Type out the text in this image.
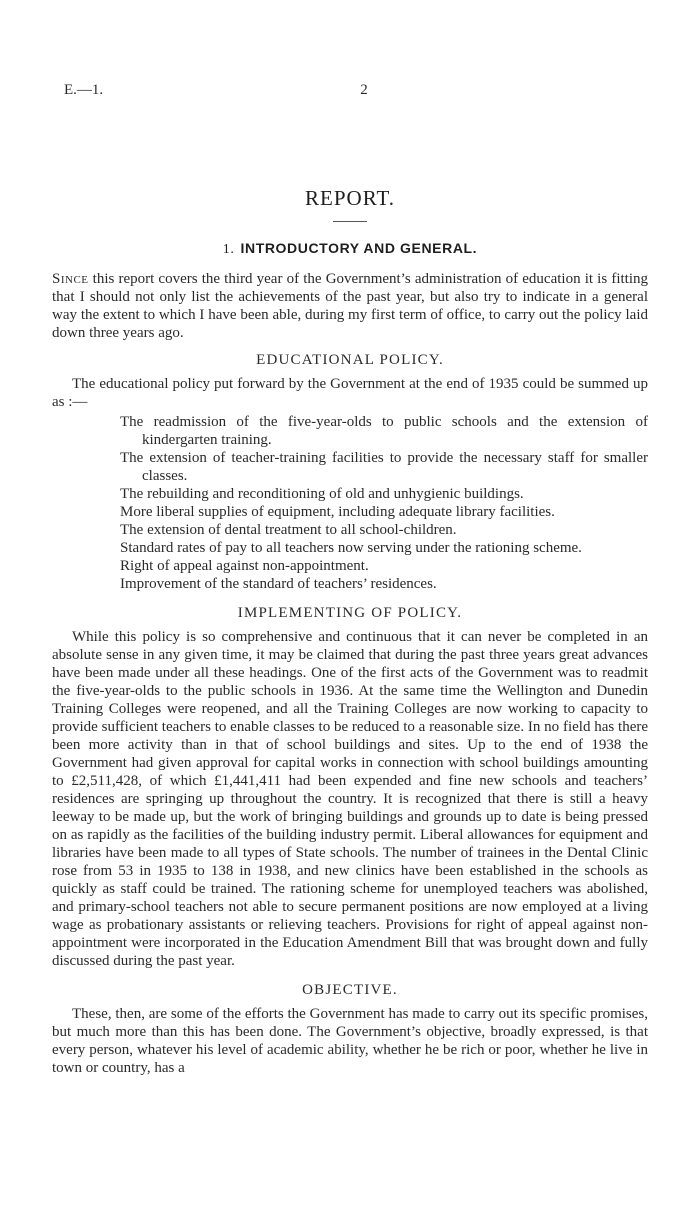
E.—1.	2
REPORT.
1. INTRODUCTORY AND GENERAL.

Since this report covers the third year of the Government’s administration of education it is fitting that I should not only list the achievements of the past year, but also try to indicate in a general way the extent to which I have been able, during my first term of office, to carry out the policy laid down three years ago.

EDUCATIONAL POLICY.

The educational policy put forward by the Government at the end of 1935 could be summed up as :—

The readmission of the five-year-olds to public schools and the extension of kindergarten training.
The extension of teacher-training facilities to provide the necessary staff for smaller classes.
The rebuilding and reconditioning of old and unhygienic buildings.
More liberal supplies of equipment, including adequate library facilities.
The extension of dental treatment to all school-children.
Standard rates of pay to all teachers now serving under the rationing scheme.
Right of appeal against non-appointment.
Improvement of the standard of teachers’ residences.
IMPLEMENTING OF POLICY.

While this policy is so comprehensive and continuous that it can never be completed in an absolute sense in any given time, it may be claimed that during the past three years great advances have been made under all these headings. One of the first acts of the Government was to readmit the five-year-olds to the public schools in 1936. At the same time the Wellington and Dunedin Training Colleges were reopened, and all the Training Colleges are now working to capacity to provide sufficient teachers to enable classes to be reduced to a reasonable size. In no field has there been more activity than in that of school buildings and sites. Up to the end of 1938 the Government had given approval for capital works in connection with school buildings amounting to £2,511,428, of which £1,441,411 had been expended and fine new schools and teachers’ residences are springing up throughout the country. It is recognized that there is still a heavy leeway to be made up, but the work of bringing buildings and grounds up to date is being pressed on as rapidly as the facilities of the building industry permit. Liberal allowances for equipment and libraries have been made to all types of State schools. The number of trainees in the Dental Clinic rose from 53 in 1935 to 138 in 1938, and new clinics have been established in the schools as quickly as staff could be trained. The rationing scheme for unemployed teachers was abolished, and primary-school teachers not able to secure permanent positions are now employed at a living wage as probationary assistants or relieving teachers. Provisions for right of appeal against non-appointment were incorporated in the Education Amendment Bill that was brought down and fully discussed during the past year.

OBJECTIVE.

These, then, are some of the efforts the Government has made to carry out its specific promises, but much more than this has been done. The Government’s objective, broadly expressed, is that every person, whatever his level of academic ability, whether he be rich or poor, whether he live in town or country, has a
